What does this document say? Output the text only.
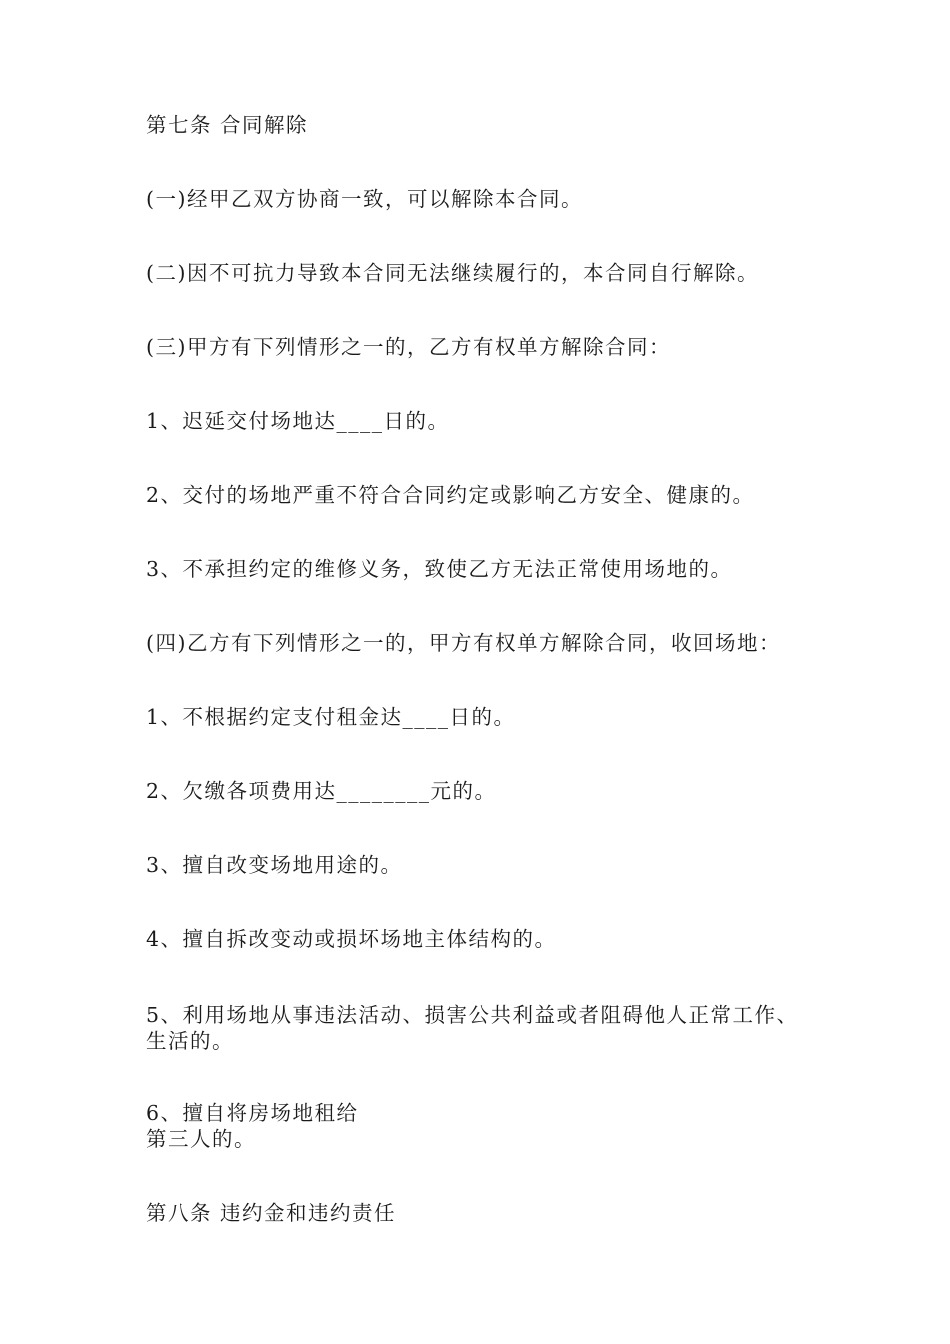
第七条 合同解除
(一)经甲乙双方协商一致，可以解除本合同。
(二)因不可抗力导致本合同无法继续履行的，本合同自行解除。
(三)甲方有下列情形之一的，乙方有权单方解除合同：
1、迟延交付场地达____日的。
2、交付的场地严重不符合合同约定或影响乙方安全、健康的。
3、不承担约定的维修义务，致使乙方无法正常使用场地的。
(四)乙方有下列情形之一的，甲方有权单方解除合同，收回场地：
1、不根据约定支付租金达____日的。
2、欠缴各项费用达________元的。
3、擅自改变场地用途的。
4、擅自拆改变动或损坏场地主体结构的。
5、利用场地从事违法活动、损害公共利益或者阻碍他人正常工作、
生活的。
6、擅自将房场地租给
第三人的。
第八条 违约金和违约责任
